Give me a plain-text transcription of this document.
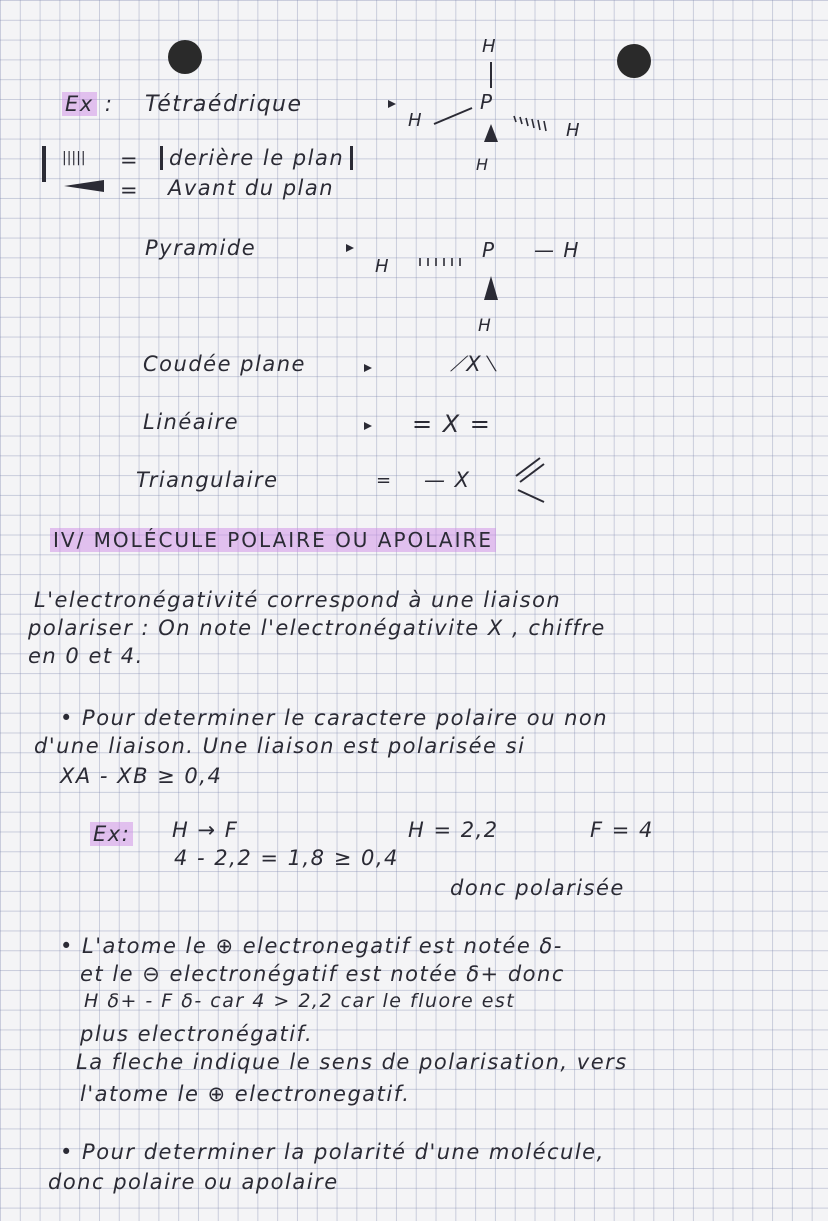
Ex : Tétraédrique
H
P
H	H
H
||||| =
=
derière le plan
Avant du plan
Pyramide
H
P — H
H
Coudée plane	⟋X⟍
Linéaire	= X =
Triangulaire	— X
IV/ MOLÉCULE POLAIRE OU APOLAIRE
L'electronégativité correspond à une liaison
polariser : On note l'electronégativite X , chiffre
en 0 et 4.
• Pour determiner le caractere polaire ou non
d'une liaison. Une liaison est polarisée si
XA - XB ≥ 0,4
Ex: H → F	H = 2,2	F = 4
4 - 2,2 = 1,8 ≥ 0,4
donc polarisée
• L'atome le ⊕ electronegatif est notée δ-
et le ⊖ electronégatif est notée δ+ donc
H δ+ - F δ- car 4 > 2,2 car le fluore est
plus electronégatif.
La fleche indique le sens de polarisation, vers
l'atome le ⊕ electronegatif.
• Pour determiner la polarité d'une molécule,
donc polaire ou apolaire
=
